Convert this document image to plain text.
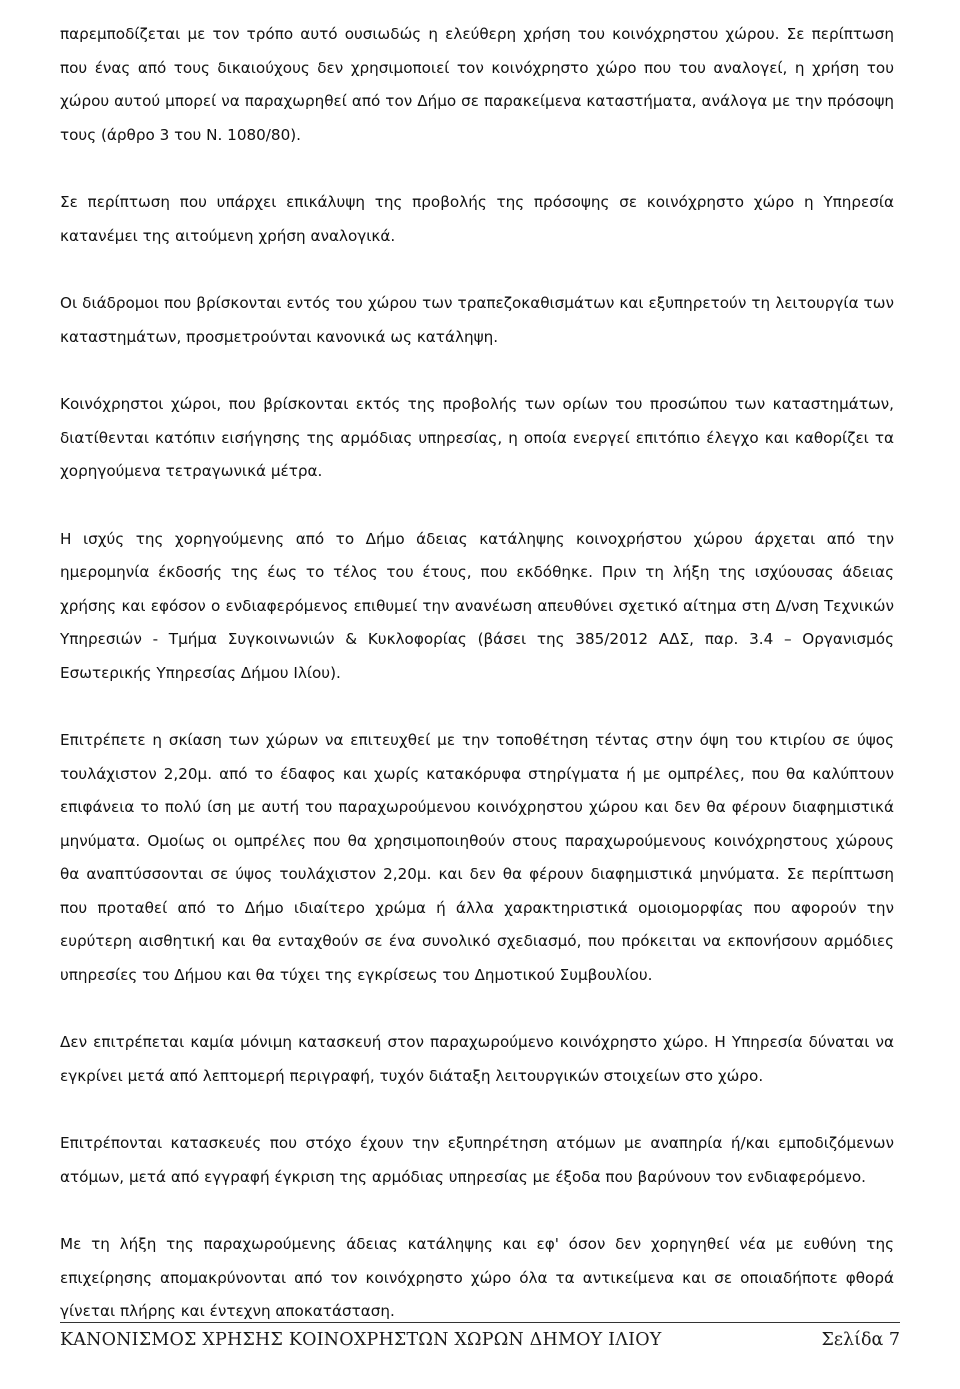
παρεμποδίζεται με τον τρόπο αυτό ουσιωδώς η ελεύθερη χρήση του κοινόχρηστου χώρου. Σε περίπτωση που ένας από τους δικαιούχους δεν χρησιμοποιεί τον κοινόχρηστο χώρο που του αναλογεί, η χρήση του χώρου αυτού μπορεί να παραχωρηθεί από τον Δήμο σε παρακείμενα καταστήματα, ανάλογα με την πρόσοψη τους (άρθρο 3 του Ν. 1080/80).

Σε περίπτωση που υπάρχει επικάλυψη της προβολής της πρόσοψης σε κοινόχρηστο χώρο η Υπηρεσία κατανέμει της αιτούμενη χρήση αναλογικά.

Οι διάδρομοι που βρίσκονται εντός του χώρου των τραπεζοκαθισμάτων και εξυπηρετούν τη λειτουργία των καταστημάτων, προσμετρούνται κανονικά ως κατάληψη.

Κοινόχρηστοι χώροι, που βρίσκονται εκτός της προβολής των ορίων του προσώπου των καταστημάτων, διατίθενται κατόπιν εισήγησης της αρμόδιας υπηρεσίας, η οποία ενεργεί επιτόπιο έλεγχο και καθορίζει τα χορηγούμενα τετραγωνικά μέτρα.

Η ισχύς της χορηγούμενης από το Δήμο άδειας κατάληψης κοινοχρήστου χώρου άρχεται από την ημερομηνία έκδοσής της έως το τέλος του έτους, που εκδόθηκε. Πριν τη λήξη της ισχύουσας άδειας χρήσης και εφόσον ο ενδιαφερόμενος επιθυμεί την ανανέωση απευθύνει σχετικό αίτημα στη Δ/νση Τεχνικών Υπηρεσιών - Τμήμα Συγκοινωνιών & Κυκλοφορίας (βάσει της 385/2012 ΑΔΣ, παρ. 3.4 – Οργανισμός Εσωτερικής Υπηρεσίας Δήμου Ιλίου).

Επιτρέπετε η σκίαση των χώρων να επιτευχθεί με την τοποθέτηση τέντας στην όψη του κτιρίου σε ύψος τουλάχιστον 2,20μ. από το έδαφος και χωρίς κατακόρυφα στηρίγματα ή με ομπρέλες, που θα καλύπτουν επιφάνεια το πολύ ίση με αυτή του παραχωρούμενου κοινόχρηστου χώρου και δεν θα φέρουν διαφημιστικά μηνύματα. Ομοίως οι ομπρέλες που θα χρησιμοποιηθούν στους παραχωρούμενους κοινόχρηστους χώρους θα αναπτύσσονται σε ύψος τουλάχιστον 2,20μ. και δεν θα φέρουν διαφημιστικά μηνύματα. Σε περίπτωση που προταθεί από το Δήμο ιδιαίτερο χρώμα ή άλλα χαρακτηριστικά ομοιομορφίας που αφορούν την ευρύτερη αισθητική και θα ενταχθούν σε ένα συνολικό σχεδιασμό, που πρόκειται να εκπονήσουν αρμόδιες υπηρεσίες του Δήμου και θα τύχει της εγκρίσεως του Δημοτικού Συμβουλίου.

Δεν επιτρέπεται καμία μόνιμη κατασκευή στον παραχωρούμενο κοινόχρηστο χώρο. Η Υπηρεσία δύναται να εγκρίνει μετά από λεπτομερή περιγραφή, τυχόν διάταξη λειτουργικών στοιχείων στο χώρο.

Επιτρέπονται κατασκευές που στόχο έχουν την εξυπηρέτηση ατόμων με αναπηρία ή/και εμποδιζόμενων ατόμων, μετά από εγγραφή έγκριση της αρμόδιας υπηρεσίας με έξοδα που βαρύνουν τον ενδιαφερόμενο.

Με τη λήξη της παραχωρούμενης άδειας κατάληψης και εφ' όσον δεν χορηγηθεί νέα με ευθύνη της επιχείρησης απομακρύνονται από τον κοινόχρηστο χώρο όλα τα αντικείμενα και σε οποιαδήποτε φθορά γίνεται πλήρης και έντεχνη αποκατάσταση.

ΚΑΝΟΝΙΣΜΟΣ ΧΡΗΣΗΣ ΚΟΙΝΟΧΡΗΣΤΩΝ ΧΩΡΩΝ ΔΗΜΟΥ ΙΛΙΟΥ	Σελίδα 7
